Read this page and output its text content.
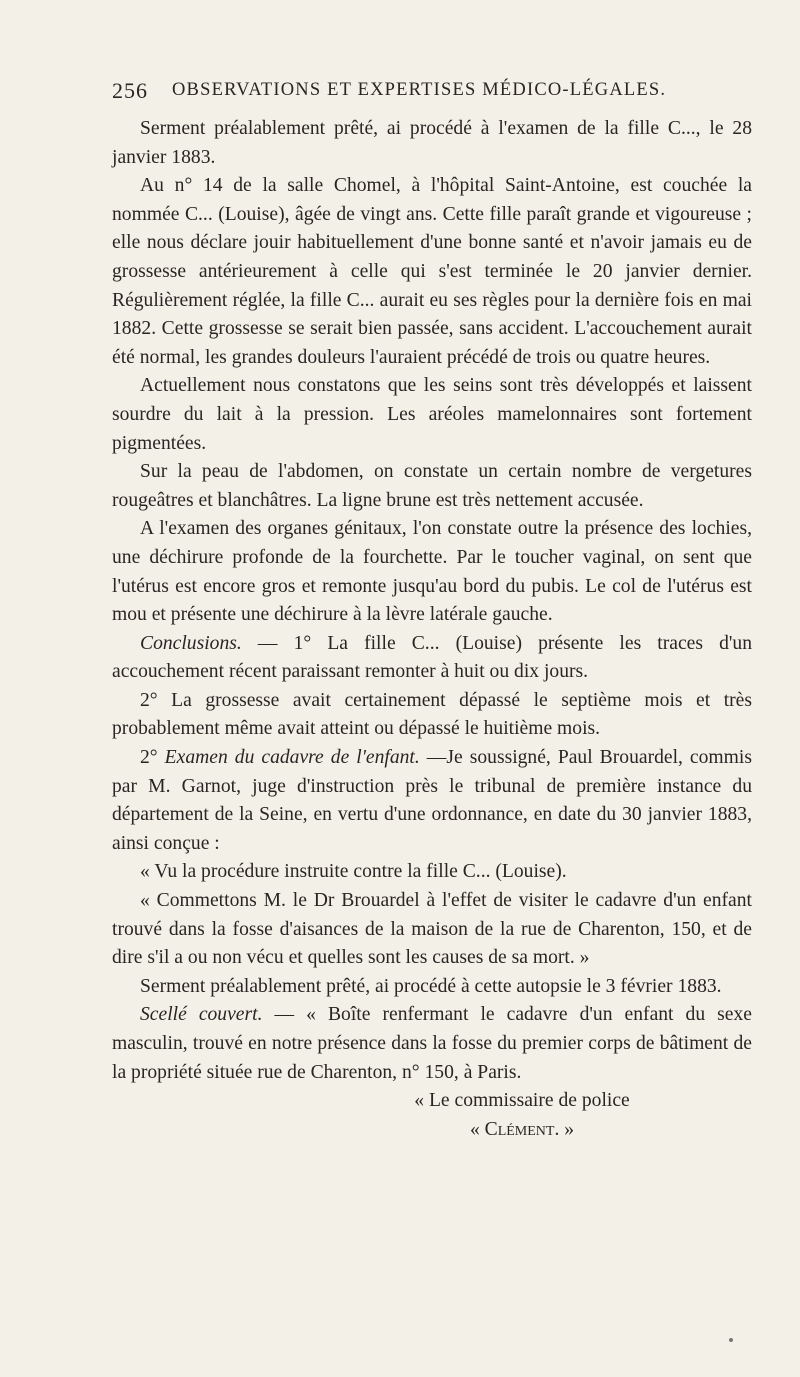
256 OBSERVATIONS ET EXPERTISES MÉDICO-LÉGALES.

Serment préalablement prêté, ai procédé à l'examen de la fille C..., le 28 janvier 1883.

Au n° 14 de la salle Chomel, à l'hôpital Saint-Antoine, est couchée la nommée C... (Louise), âgée de vingt ans. Cette fille paraît grande et vigoureuse ; elle nous déclare jouir habituellement d'une bonne santé et n'avoir jamais eu de grossesse antérieurement à celle qui s'est terminée le 20 janvier dernier. Régulièrement réglée, la fille C... aurait eu ses règles pour la dernière fois en mai 1882. Cette grossesse se serait bien passée, sans accident. L'accouchement aurait été normal, les grandes douleurs l'auraient précédé de trois ou quatre heures.

Actuellement nous constatons que les seins sont très développés et laissent sourdre du lait à la pression. Les aréoles mamelonnaires sont fortement pigmentées.

Sur la peau de l'abdomen, on constate un certain nombre de vergetures rougeâtres et blanchâtres. La ligne brune est très nettement accusée.

A l'examen des organes génitaux, l'on constate outre la présence des lochies, une déchirure profonde de la fourchette. Par le toucher vaginal, on sent que l'utérus est encore gros et remonte jusqu'au bord du pubis. Le col de l'utérus est mou et présente une déchirure à la lèvre latérale gauche.

Conclusions. — 1° La fille C... (Louise) présente les traces d'un accouchement récent paraissant remonter à huit ou dix jours.

2° La grossesse avait certainement dépassé le septième mois et très probablement même avait atteint ou dépassé le huitième mois.

2° Examen du cadavre de l'enfant. —Je soussigné, Paul Brouardel, commis par M. Garnot, juge d'instruction près le tribunal de première instance du département de la Seine, en vertu d'une ordonnance, en date du 30 janvier 1883, ainsi conçue :

« Vu la procédure instruite contre la fille C... (Louise).

« Commettons M. le Dr Brouardel à l'effet de visiter le cadavre d'un enfant trouvé dans la fosse d'aisances de la maison de la rue de Charenton, 150, et de dire s'il a ou non vécu et quelles sont les causes de sa mort. »

Serment préalablement prêté, ai procédé à cette autopsie le 3 février 1883.

Scellé couvert. — « Boîte renfermant le cadavre d'un enfant du sexe masculin, trouvé en notre présence dans la fosse du premier corps de bâtiment de la propriété située rue de Charenton, n° 150, à Paris.

« Le commissaire de police

« Clément. »
